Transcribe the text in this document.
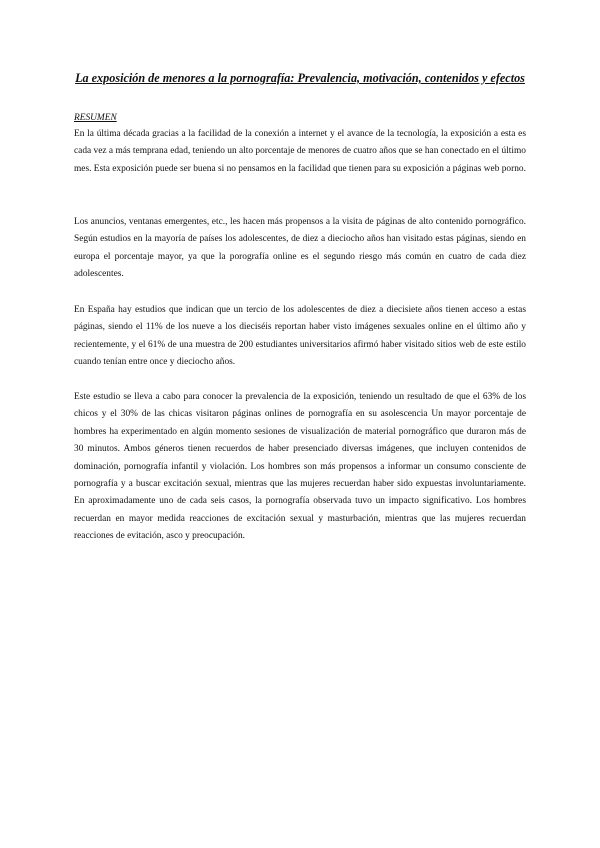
La exposición de menores a la pornografía: Prevalencia, motivación, contenidos y efectos
RESUMEN

En la última década gracias a la facilidad de la conexión a internet y el avance de la tecnología, la exposición a esta es cada vez a más temprana edad, teniendo un alto porcentaje de menores de cuatro años que se han conectado en el último mes. Esta exposición puede ser buena si no pensamos en la facilidad que tienen para su exposición a páginas web porno.

Los anuncios, ventanas emergentes, etc., les hacen más propensos a la visita de páginas de alto contenido pornográfico. Según estudios en la mayoría de países los adolescentes, de diez a dieciocho años han visitado estas páginas, siendo en europa el porcentaje mayor, ya que la porografía online es el segundo riesgo más común en cuatro de cada diez adolescentes.

En España hay estudios que indican que un tercio de los adolescentes de diez a diecisiete años tienen acceso a estas páginas, siendo el 11% de los nueve a los dieciséis reportan haber visto imágenes sexuales online en el último año y recientemente, y el 61% de una muestra de 200 estudiantes universitarios afirmó haber visitado sitios web de este estilo cuando tenían entre once y dieciocho años.

Este estudio se lleva a cabo para conocer la prevalencia de la exposición, teniendo un resultado de que el 63% de los chicos y el 30% de las chicas visitaron páginas onlines de pornografía en su asolescencia Un mayor porcentaje de hombres ha experimentado en algún momento sesiones de visualización de material pornográfico que duraron más de 30 minutos. Ambos géneros tienen recuerdos de haber presenciado diversas imágenes, que incluyen contenidos de dominación, pornografía infantil y violación. Los hombres son más propensos a informar un consumo consciente de pornografía y a buscar excitación sexual, mientras que las mujeres recuerdan haber sido expuestas involuntariamente. En aproximadamente uno de cada seis casos, la pornografía observada tuvo un impacto significativo. Los hombres recuerdan en mayor medida reacciones de excitación sexual y masturbación, mientras que las mujeres recuerdan reacciones de evitación, asco y preocupación.
